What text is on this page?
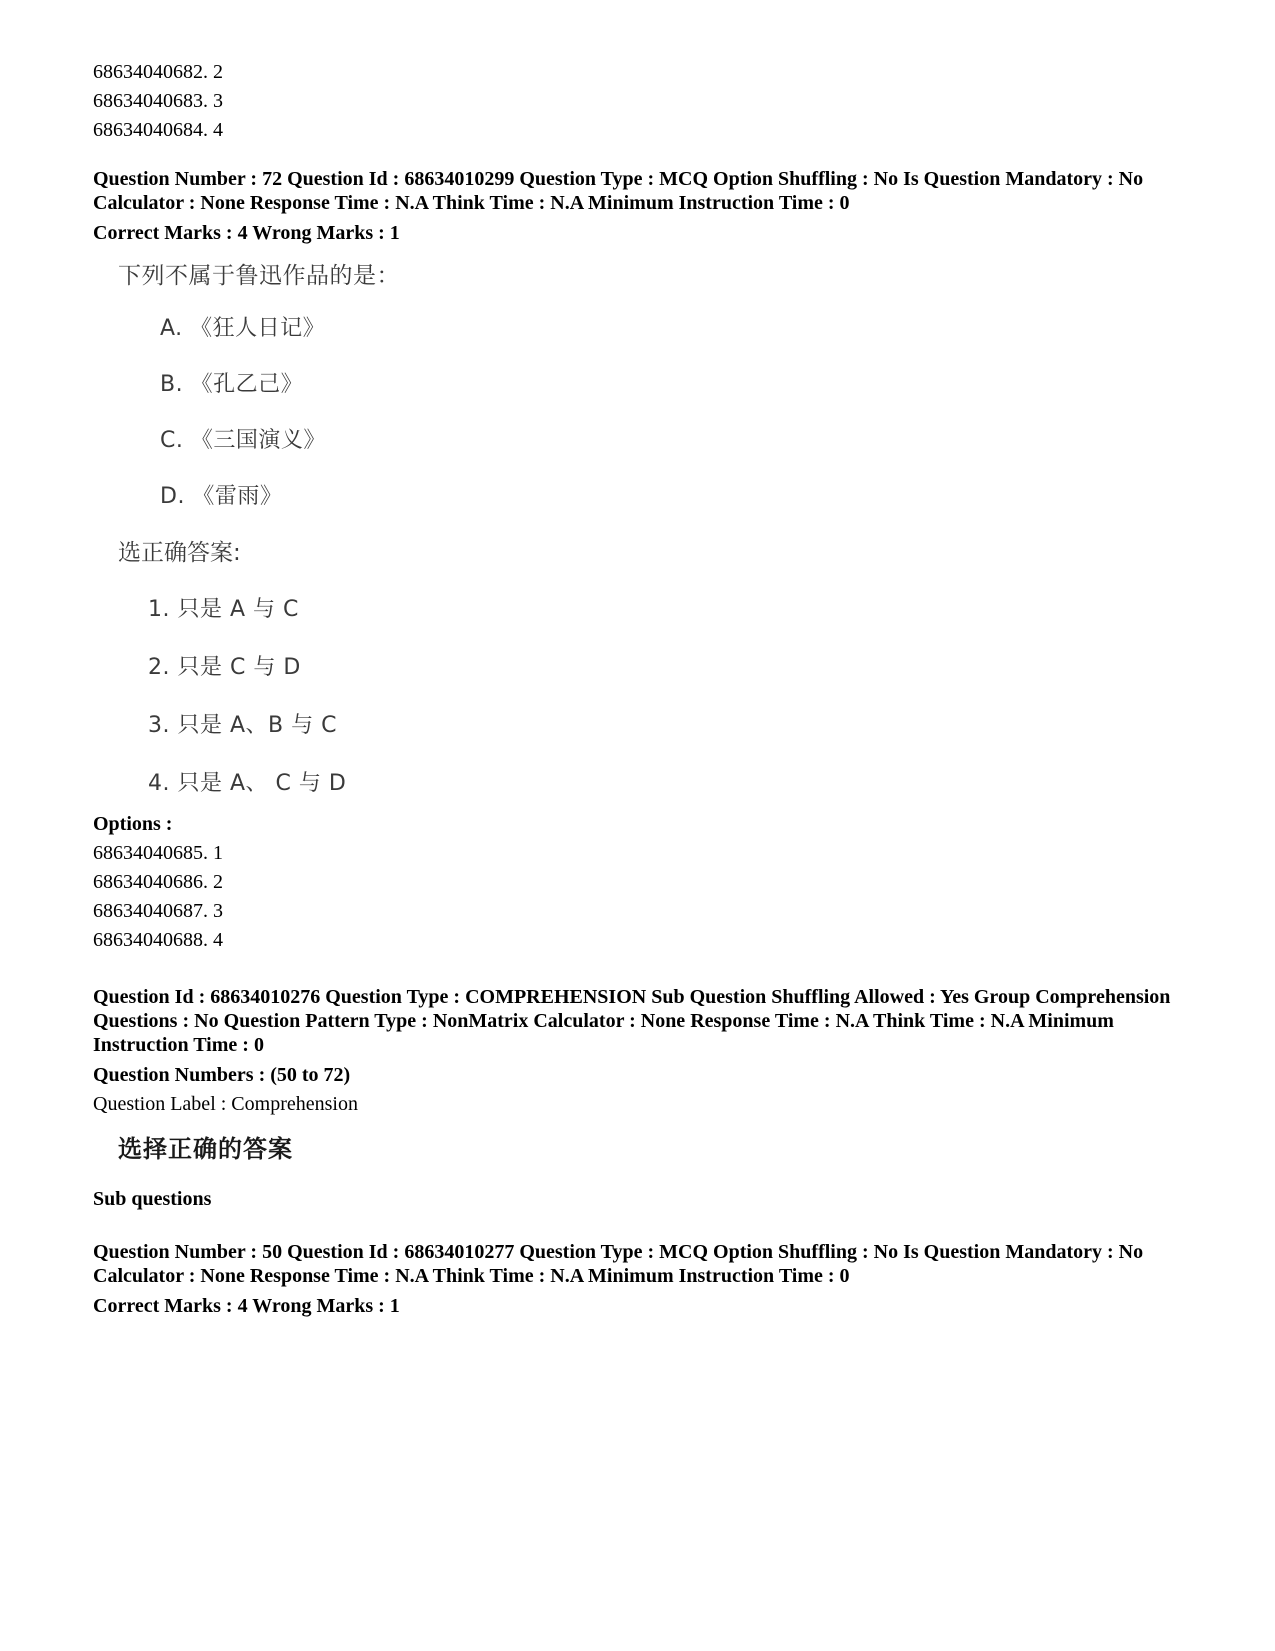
68634040682. 2
68634040683. 3
68634040684. 4
Question Number : 72 Question Id : 68634010299 Question Type : MCQ Option Shuffling : No Is Question Mandatory : No Calculator : None Response Time : N.A Think Time : N.A Minimum Instruction Time : 0
Correct Marks : 4 Wrong Marks : 1
下列不属于鲁迅作品的是：
A. 《狂人日记》
B. 《孔乙己》
C. 《三国演义》
D. 《雷雨》
选正确答案:
1. 只是 A 与 C
2. 只是 C 与 D
3. 只是 A、B 与 C
4. 只是 A、 C 与 D
Options :
68634040685. 1
68634040686. 2
68634040687. 3
68634040688. 4
Question Id : 68634010276 Question Type : COMPREHENSION Sub Question Shuffling Allowed : Yes Group Comprehension Questions : No Question Pattern Type : NonMatrix Calculator : None Response Time : N.A Think Time : N.A Minimum Instruction Time : 0
Question Numbers : (50 to 72)
Question Label : Comprehension
选择正确的答案
Sub questions
Question Number : 50 Question Id : 68634010277 Question Type : MCQ Option Shuffling : No Is Question Mandatory : No Calculator : None Response Time : N.A Think Time : N.A Minimum Instruction Time : 0
Correct Marks : 4 Wrong Marks : 1
